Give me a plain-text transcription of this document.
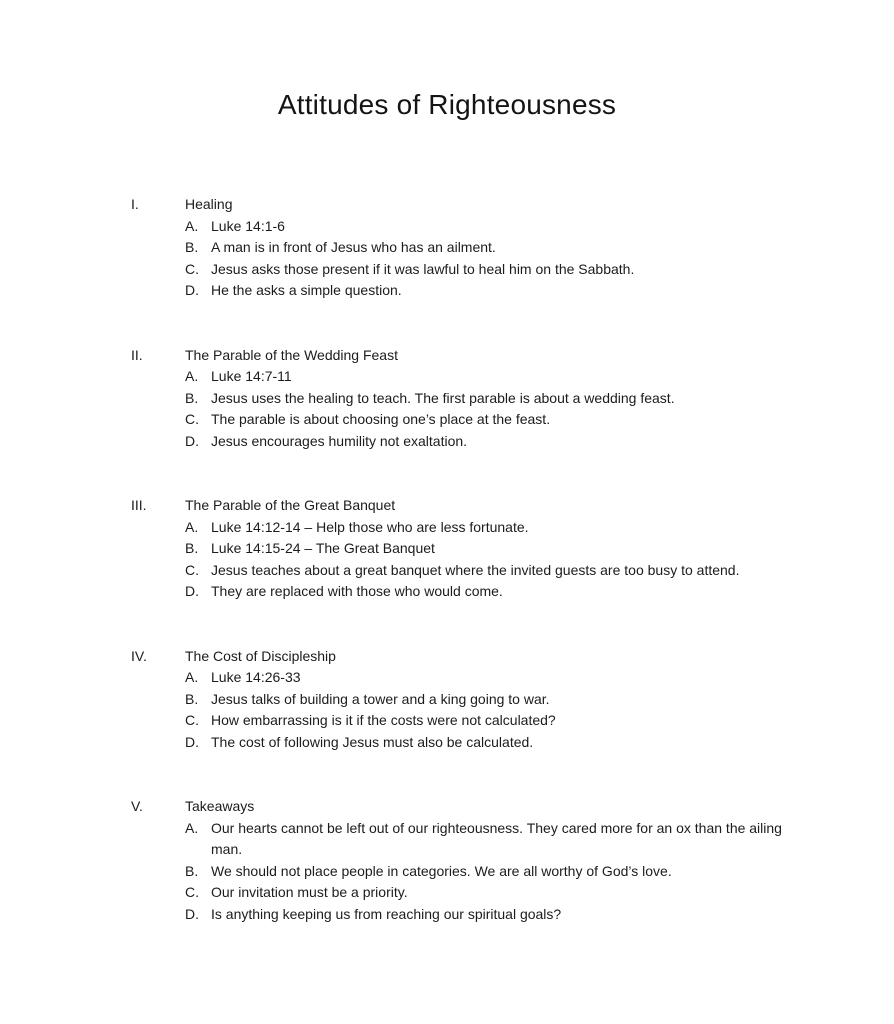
Attitudes of Righteousness
I.	Healing
A. Luke 14:1-6
B. A man is in front of Jesus who has an ailment.
C. Jesus asks those present if it was lawful to heal him on the Sabbath.
D. He the asks a simple question.
II.	The Parable of the Wedding Feast
A. Luke 14:7-11
B. Jesus uses the healing to teach. The first parable is about a wedding feast.
C. The parable is about choosing one’s place at the feast.
D. Jesus encourages humility not exaltation.
III.	The Parable of the Great Banquet
A. Luke 14:12-14 – Help those who are less fortunate.
B. Luke 14:15-24 – The Great Banquet
C. Jesus teaches about a great banquet where the invited guests are too busy to attend.
D. They are replaced with those who would come.
IV.	The Cost of Discipleship
A. Luke 14:26-33
B. Jesus talks of building a tower and a king going to war.
C. How embarrassing is it if the costs were not calculated?
D. The cost of following Jesus must also be calculated.
V.	Takeaways
A. Our hearts cannot be left out of our righteousness. They cared more for an ox than the ailing man.
B. We should not place people in categories. We are all worthy of God’s love.
C. Our invitation must be a priority.
D. Is anything keeping us from reaching our spiritual goals?
